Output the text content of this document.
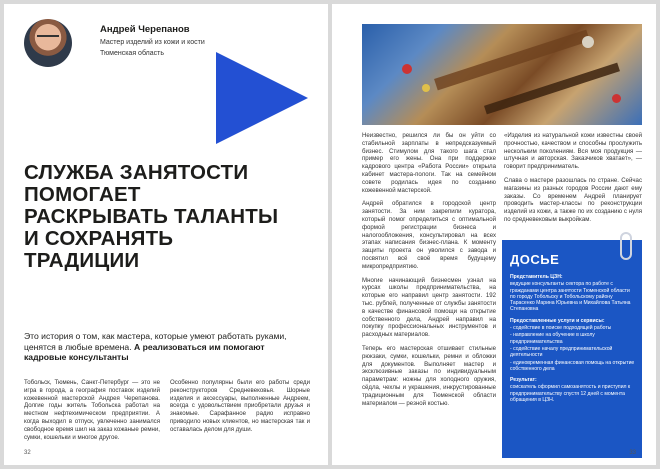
Андрей Черепанов
Мастер изделий из кожи и кости
Тюменская область
СЛУЖБА ЗАНЯТОСТИ
ПОМОГАЕТ
РАСКРЫВАТЬ ТАЛАНТЫ
И СОХРАНЯТЬ
ТРАДИЦИИ
Это история о том, как мастера, которые умеют работать руками, ценятся в любые времена. А реализоваться им помогают кадровые консультанты
Тобольск, Тюмень, Санкт-Петербург — это не игра в города, а география поставок изделий кожевенной мастерской Андрея Черепанова. Долгие годы житель Тобольска работал на местном нефтехимическом предприятии. А когда выходил в отпуск, увлеченно занимался свободное время шил на заказ кожаные ремни, сумки, кошельки и многое другое.
Особенно популярны были его работы среди реконструкторов Средневековья. Шорные изделия и аксессуары, выполненные Андреем, всегда с удовольствием приобретали друзья и знакомые. Сарафанное радио исправно приводило новых клиентов, но мастерская так и оставалась делом для души.
32
Неизвестно, решился ли бы он уйти со стабильной зарплаты в непредсказуемый бизнес. Стимулом для такого шага стал пример его жены. Она при поддержке кадрового центра «Работа России» открыла кабинет мастера-пологи. Так на семейном совете родилась идея по созданию кожевенной мастерской.
Андрей обратился в городской центр занятости. За ним закрепили куратора, который помог определиться с оптимальной формой регистрации бизнеса и налогообложения, консультировал на всех этапах написания бизнес-плана. К моменту защиты проекта он уволился с завода и посвятил всё своё время будущему микропредприятию.
Многие начинающий бизнесмен узнал на курсах школы предпринимательства, на которые его направил центр занятости. 192 тыс. рублей, полученные от службы занятости в качестве финансовой помощи на открытие собственного дела, Андрей направил на покупку профессиональных инструментов и расходных материалов.
Теперь его мастерская отшивает стильные рюкзаки, сумки, кошельки, ремни и обложки для документов. Выполняет мастер и эксклюзивные заказы по индивидуальным параметрам: ножны для холодного оружия, сёдла, чехлы и украшения, инкрустированные традиционным для Тюменской области материалом — резной костью.
«Изделия из натуральной кожи известны своей прочностью, качеством и способны прослужить нескольким поколениям. Вся моя продукция — штучная и авторская. Заказчиков хватает», — говорит предприниматель.
Слава о мастере разошлась по стране. Сейчас магазины из разных городов России дают ему заказы. Со временем Андрей планирует проводить мастер-классы по реконструкции изделий из кожи, а также по их созданию с нуля по средневековым выкройкам.
ДОСЬЕ
Представитель ЦЗН:

ведущие консультанты сектора по работе с гражданами центра занятости Тюменской области по городу Тобольску и Тобольскому району Тарасенко Марина Юрьевна и Михайлова Татьяна Степановна

Предоставленные услуги и сервисы:

- содействие в поиске подходящей работы

- направление на обучение в школу предпринимательства

- содействие началу предпринимательской деятельности

- единовременная финансовая помощь на открытие собственного дела

Результат:

соискатель оформил самозанятость и приступил к предпринимательству спустя 12 дней с момента обращения в ЦЗН.

33
